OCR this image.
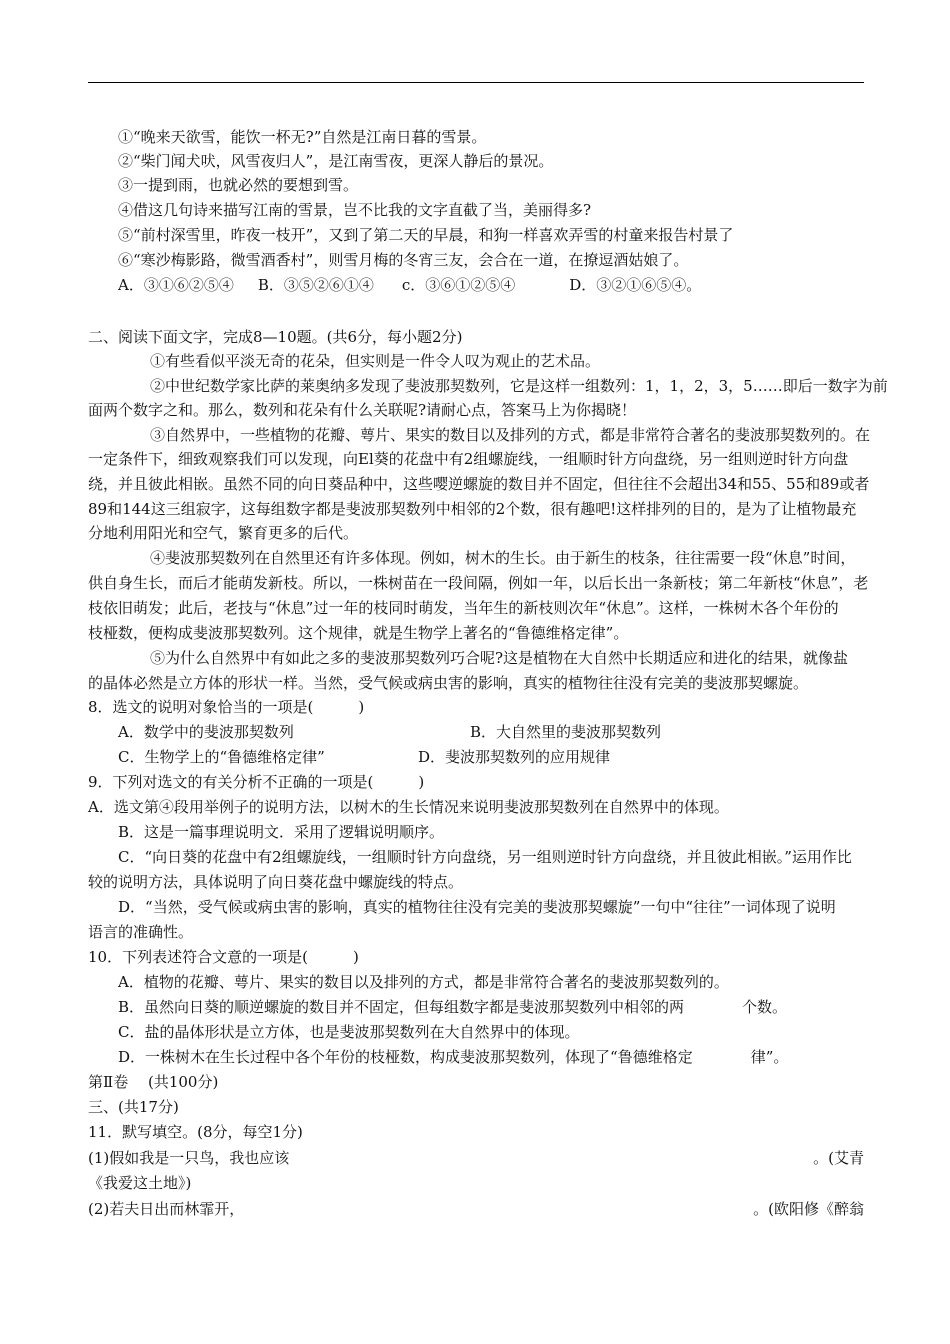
①“晚来天欲雪，能饮一杯无?”自然是江南日暮的雪景。
②“柴门闻犬吠，风雪夜归人”，是江南雪夜，更深人静后的景况。
③一提到雨，也就必然的要想到雪。
④借这几句诗来描写江南的雪景，岂不比我的文字直截了当，美丽得多?
⑤“前村深雪里，昨夜一枝开”，又到了第二天的早晨，和狗一样喜欢弄雪的村童来报告村景了
⑥“寒沙梅影路，微雪酒香村”，则雪月梅的冬宵三友，会合在一道，在撩逗酒姑娘了。
A．③①⑥②⑤④ B．③⑤②⑥①④ c．③⑥①②⑤④	D．③②①⑥⑤④。
二、阅读下面文字，完成8—10题。(共6分，每小题2分)
①有些看似平淡无奇的花朵，但实则是一件令人叹为观止的艺术品。
②中世纪数学家比萨的莱奥纳多发现了斐波那契数列，它是这样一组数列：1，1，2，3，5……即后一数字为前
面两个数字之和。那么，数列和花朵有什么关联呢?请耐心点，答案马上为你揭晓！
③自然界中，一些植物的花瓣、萼片、果实的数目以及排列的方式，都是非常符合著名的斐波那契数列的。在
一定条件下，细致观察我们可以发现，向El葵的花盘中有2组螺旋线，一组顺时针方向盘绕，另一组则逆时针方向盘
绕，并且彼此相嵌。虽然不同的向日葵品种中，这些嘤逆螺旋的数目并不固定，但往往不会超出34和55、55和89或者
89和144这三组寂字，这每组数字都是斐波那契数列中相邻的2个数，很有趣吧!这样排列的目的，是为了让植物最充
分地利用阳光和空气，繁育更多的后代。
④斐波那契数列在自然里还有许多体现。例如，树木的生长。由于新生的枝条，往往需要一段“休息”时间，
供自身生长，而后才能萌发新枝。所以，一株树苗在一段间隔，例如一年，以后长出一条新枝；第二年新枝“休息”，老
枝依旧萌发；此后，老技与“休息”过一年的枝同时萌发，当年生的新枝则次年“休息”。这样，一株树木各个年份的
枝桠数，便构成斐波那契数列。这个规律，就是生物学上著名的“鲁德维格定律”。
⑤为什么自然界中有如此之多的斐波那契数列巧合呢?这是植物在大自然中长期适应和进化的结果，就像盐
的晶体必然是立方体的形状一样。当然，受气候或病虫害的影响，真实的植物往往没有完美的斐波那契螺旋。
8．选文的说明对象恰当的一项是(　　　)
A．数学中的斐波那契数列	B．大自然里的斐波那契数列
C．生物学上的“鲁德维格定律”	D．斐波那契数列的应用规律
9．下列对选文的有关分析不正确的一项是(　　　)
A．选文第④段用举例子的说明方法，以树木的生长情况来说明斐波那契数列在自然界中的体现。
B．这是一篇事理说明文．采用了逻辑说明顺序。
C．“向日葵的花盘中有2组螺旋线，一组顺时针方向盘绕，另一组则逆时针方向盘绕，并且彼此相嵌。”运用作比
较的说明方法，具体说明了向日葵花盘中螺旋线的特点。
D．“当然，受气候或病虫害的影响，真实的植物往往没有完美的斐波那契螺旋”一句中“往往”一词体现了说明
语言的准确性。
10．下列表述符合文意的一项是(　　　)
A．植物的花瓣、萼片、果实的数目以及排列的方式，都是非常符合著名的斐波那契数列的。
B．虽然向日葵的顺逆螺旋的数目并不固定，但每组数字都是斐波那契数列中相邻的两	个数。
C．盐的晶体形状是立方体，也是斐波那契数列在大自然界中的体现。
D．一株树木在生长过程中各个年份的枝桠数，构成斐波那契数列，体现了“鲁德维格定	律”。
第Ⅱ卷　 (共100分)
三、(共17分)
11．默写填空。(8分，每空1分)
(1)假如我是一只鸟，我也应该	。(艾青
《我爱这土地》)
(2)若夫日出而林霏开，	。(欧阳修《醉翁
